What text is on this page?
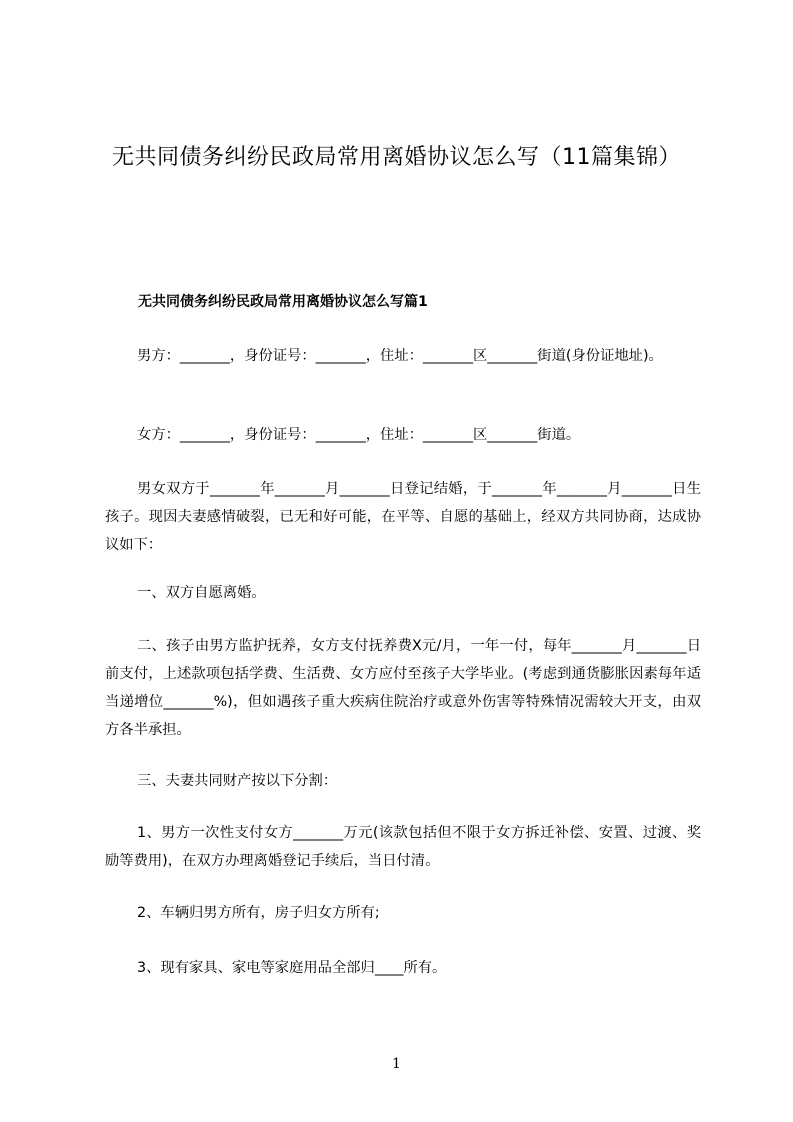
无共同债务纠纷民政局常用离婚协议怎么写（11篇集锦）
无共同债务纠纷民政局常用离婚协议怎么写篇1

男方：_______，身份证号：_______，住址：_______区_______街道(身份证地址)。

女方：_______，身份证号：_______，住址：_______区_______街道。

男女双方于_______年_______月_______日登记结婚，于_______年_______月_______日生孩子。现因夫妻感情破裂，已无和好可能，在平等、自愿的基础上，经双方共同协商，达成协议如下：

一、双方自愿离婚。

二、孩子由男方监护抚养，女方支付抚养费X元/月，一年一付，每年_______月_______日前支付，上述款项包括学费、生活费、女方应付至孩子大学毕业。(考虑到通货膨胀因素每年适当递增位_______%)，但如遇孩子重大疾病住院治疗或意外伤害等特殊情况需较大开支，由双方各半承担。

三、夫妻共同财产按以下分割：

1、男方一次性支付女方_______万元(该款包括但不限于女方拆迁补偿、安置、过渡、奖励等费用)，在双方办理离婚登记手续后，当日付清。

2、车辆归男方所有，房子归女方所有;

3、现有家具、家电等家庭用品全部归____所有。

1
